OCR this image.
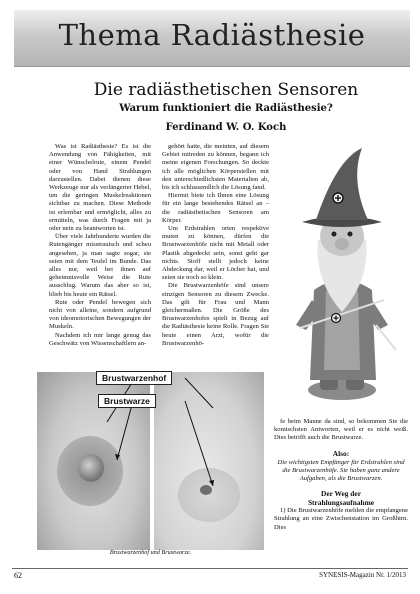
Thema Radiästhesie
Die radiästhetischen Sensoren
Warum funktioniert die Radiästhesie?
Ferdinand W. O. Koch

Was ist Radiästhesie? Es ist die Anwendung von Fähigkeiten, mit einer Wünschelrute, einem Pendel oder von Hand Strahlungen darzustellen. Dabei dienen diese Werkzeuge nur als verlängerter Hebel, um die geringen Muskelreaktionen sichtbar zu machen. Diese Methode ist erlernbar und ermöglicht, alles zu ermitteln, was durch Fragen mit ja oder nein zu beantworten ist.

Über viele Jahrhunderte wurden die Rutengänger misstrauisch und scheu angesehen, ja man sagte sogar, sie seien mit dem Teufel im Bunde. Das alles nur, weil bei ihnen auf geheimnisvolle Weise die Rute ausschlug. Warum das aber so ist, blieb bis heute ein Rätsel.

Rute oder Pendel bewegen sich nicht von alleine, sondern aufgrund von ideomotorischen Bewegungen der Muskeln.

Nachdem ich mir lange genug das Geschwätz von Wissenschaftlern an-

gehört hatte, die meinten, auf diesem Gebiet mitreden zu können, begann ich meine eigenen Forschungen. So deckte ich alle möglichen Körperstellen mit den unterschiedlichsten Materialien ab, bis ich schlussendlich die Lösung fand.

Hiermit biete ich Ihnen eine Lösung für ein lange bestehendes Rätsel an – die radiästhetischen Sensoren am Körper.

Um Erdstrahlen orten respektive muten zu können, dürfen die Brustwarzenhöfe nicht mit Metall oder Plastik abgedeckt sein, sonst geht gar nichts. Stoff stellt jedoch keine Abdeckung dar, weil er Löcher hat, und seien sie noch so klein.

Die Brustwarzenhöfe sind unsere einzigen Sensoren zu diesem Zwecke. Das gilt für Frau und Mann gleichermaßen. Die Größe des Brustwarzenhofes spielt in Bezug auf die Radiästhesie keine Rolle. Fragen Sie heute einen Arzt, wofür die Brustwarzenhö-

Brustwarzenhof
Brustwarze
Brustwarzenhof und Brustwarze.

fe beim Manne da sind, so bekommen Sie die komischsten Antworten, weil er es nicht weiß. Dies betrifft auch die Brustwarze.

Also:
Die wichtigsten Empfänger für Erdstrahlen sind die Brustwarzenhöfe. Sie haben ganz andere Aufgaben, als die Brustwarzen.
Der Weg der
Strahlungsaufnahme

1) Die Brustwarzenhöfe melden die empfangene Strahlung an eine Zwischenstation im Großhirn. Dies

62	SYNESIS-Magazin Nr. 1/2013
